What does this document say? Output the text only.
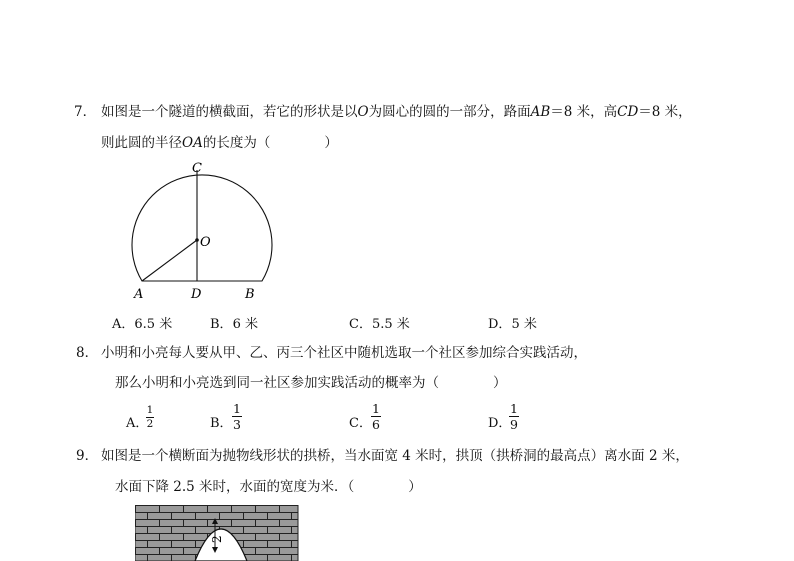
7． 如图是一个隧道的横截面，若它的形状是以O为圆心的圆的一部分，路面AB＝8 米，高CD＝8 米，
则此圆的半径OA的长度为（　　　　）
C
O
A	D	B
A．6.5 米	B．6 米	C．5.5 米	D．5 米
8． 小明和小亮每人要从甲、乙、丙三个社区中随机选取一个社区参加综合实践活动，
那么小明和小亮选到同一社区参加实践活动的概率为（　　　　）
A．
1
2	B．
1
3	C．
1
6	D．
1
9
9． 如图是一个横断面为抛物线形状的拱桥，当水面宽 4 米时，拱顶（拱桥洞的最高点）离水面 2 米，
水面下降 2.5 米时，水面的宽度为米．（　　　　）
2
